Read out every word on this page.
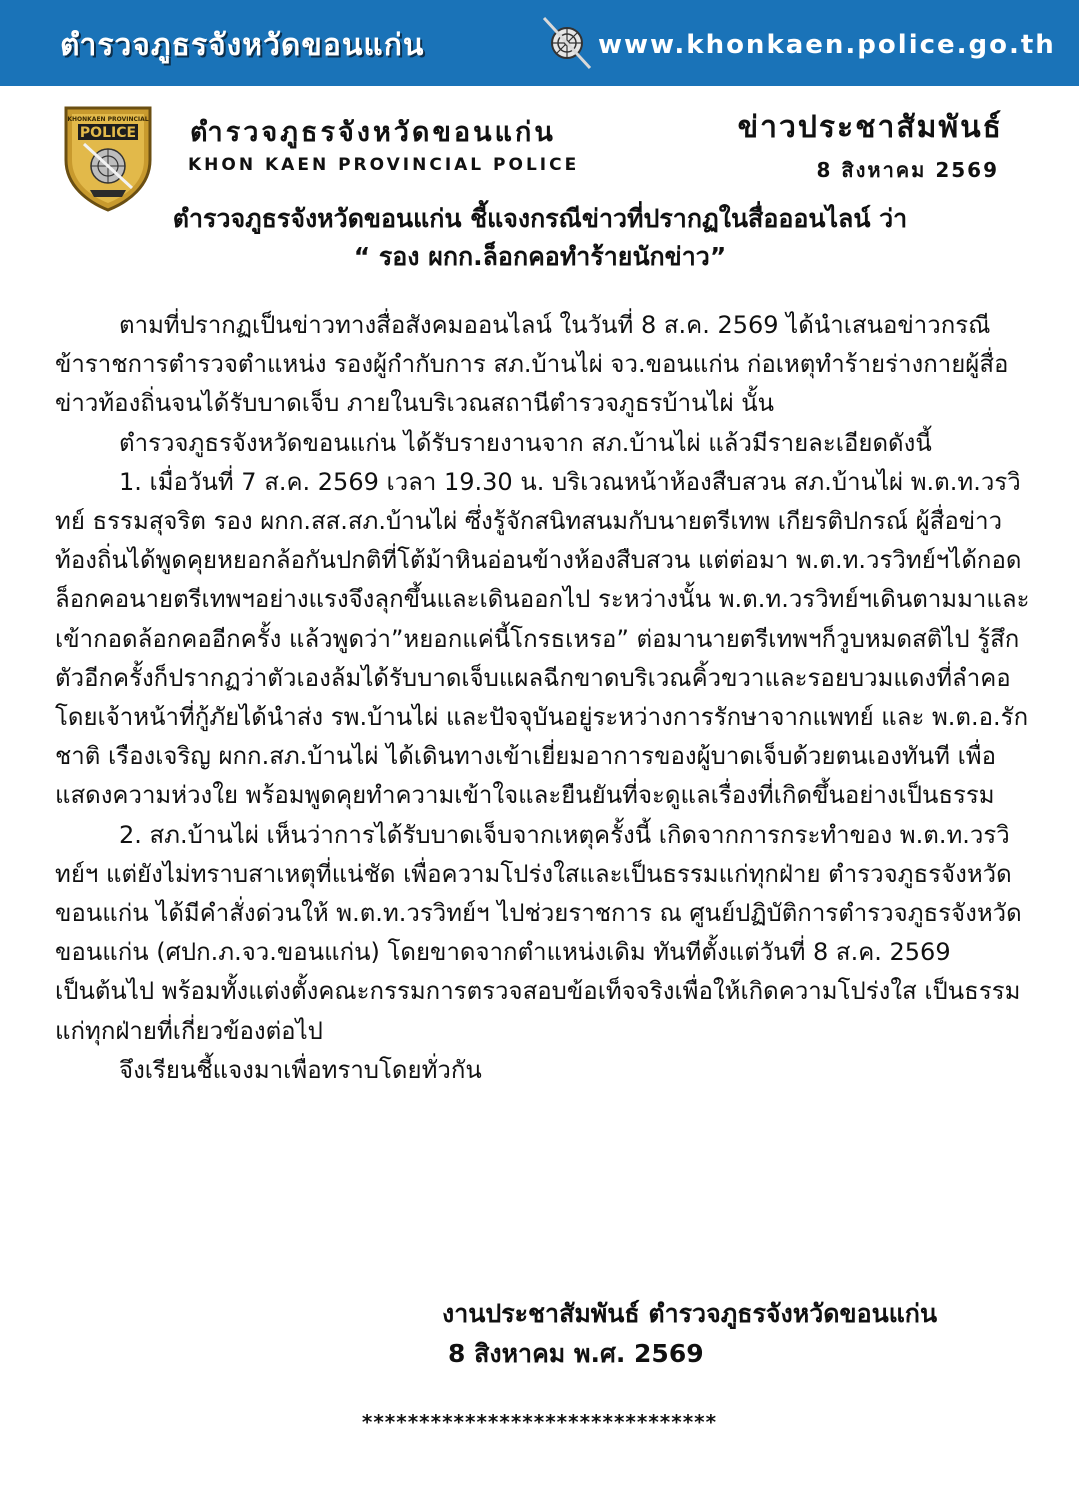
ตำรวจภูธรจังหวัดขอนแก่น	www.khonkaen.police.go.th
KHONKAEN PROVINCIAL
POLICE ตำรวจภูธรจังหวัดขอนแก่น
KHON KAEN PROVINCIAL POLICE
ข่าวประชาสัมพันธ์
8 สิงหาคม 2569
ตำรวจภูธรจังหวัดขอนแก่น ชี้แจงกรณีข่าวที่ปรากฏในสื่อออนไลน์ ว่า
“ รอง ผกก.ล็อกคอทำร้ายนักข่าว”

ตามที่ปรากฏเป็นข่าวทางสื่อสังคมออนไลน์ ในวันที่ 8 ส.ค. 2569 ได้นำเสนอข่าวกรณีข้าราชการตำรวจตำแหน่ง รองผู้กำกับการ สภ.บ้านไผ่ จว.ขอนแก่น ก่อเหตุทำร้ายร่างกายผู้สื่อข่าวท้องถิ่นจนได้รับบาดเจ็บ ภายในบริเวณสถานีตำรวจภูธรบ้านไผ่ นั้น

ตำรวจภูธรจังหวัดขอนแก่น ได้รับรายงานจาก สภ.บ้านไผ่ แล้วมีรายละเอียดดังนี้

1. เมื่อวันที่ 7 ส.ค. 2569 เวลา 19.30 น. บริเวณหน้าห้องสืบสวน สภ.บ้านไผ่ พ.ต.ท.วรวิทย์ ธรรมสุจริต รอง ผกก.สส.สภ.บ้านไผ่ ซึ่งรู้จักสนิทสนมกับนายตรีเทพ เกียรติปกรณ์ ผู้สื่อข่าวท้องถิ่นได้พูดคุยหยอกล้อกันปกติที่โต้ม้าหินอ่อนข้างห้องสืบสวน แต่ต่อมา พ.ต.ท.วรวิทย์ฯได้กอดล็อกคอนายตรีเทพฯอย่างแรงจึงลุกขึ้นและเดินออกไป ระหว่างนั้น พ.ต.ท.วรวิทย์ฯเดินตามมาและเข้ากอดล้อกคออีกครั้ง แล้วพูดว่า”หยอกแค่นี้โกรธเหรอ” ต่อมานายตรีเทพฯก็วูบหมดสติไป รู้สึกตัวอีกครั้งก็ปรากฏว่าตัวเองล้มได้รับบาดเจ็บแผลฉีกขาดบริเวณคิ้วขวาและรอยบวมแดงที่ลำคอ โดยเจ้าหน้าที่กู้ภัยได้นำส่ง รพ.บ้านไผ่ และปัจจุบันอยู่ระหว่างการรักษาจากแพทย์ และ พ.ต.อ.รักชาติ เรืองเจริญ ผกก.สภ.บ้านไผ่ ได้เดินทางเข้าเยี่ยมอาการของผู้บาดเจ็บด้วยตนเองทันที เพื่อแสดงความห่วงใย พร้อมพูดคุยทำความเข้าใจและยืนยันที่จะดูแลเรื่องที่เกิดขึ้นอย่างเป็นธรรม

2. สภ.บ้านไผ่ เห็นว่าการได้รับบาดเจ็บจากเหตุครั้งนี้ เกิดจากการกระทำของ พ.ต.ท.วรวิทย์ฯ แต่ยังไม่ทราบสาเหตุที่แน่ชัด เพื่อความโปร่งใสและเป็นธรรมแก่ทุกฝ่าย ตำรวจภูธรจังหวัดขอนแก่น ได้มีคำสั่งด่วนให้ พ.ต.ท.วรวิทย์ฯ ไปช่วยราชการ ณ ศูนย์ปฏิบัติการตำรวจภูธรจังหวัดขอนแก่น (ศปก.ภ.จว.ขอนแก่น) โดยขาดจากตำแหน่งเดิม ทันทีตั้งแต่วันที่ 8 ส.ค. 2569 เป็นต้นไป พร้อมทั้งแต่งตั้งคณะกรรมการตรวจสอบข้อเท็จจริงเพื่อให้เกิดความโปร่งใส เป็นธรรมแก่ทุกฝ่ายที่เกี่ยวข้องต่อไป

จึงเรียนชี้แจงมาเพื่อทราบโดยทั่วกัน

งานประชาสัมพันธ์ ตำรวจภูธรจังหวัดขอนแก่น
8 สิงหาคม พ.ศ. 2569
*******************************
